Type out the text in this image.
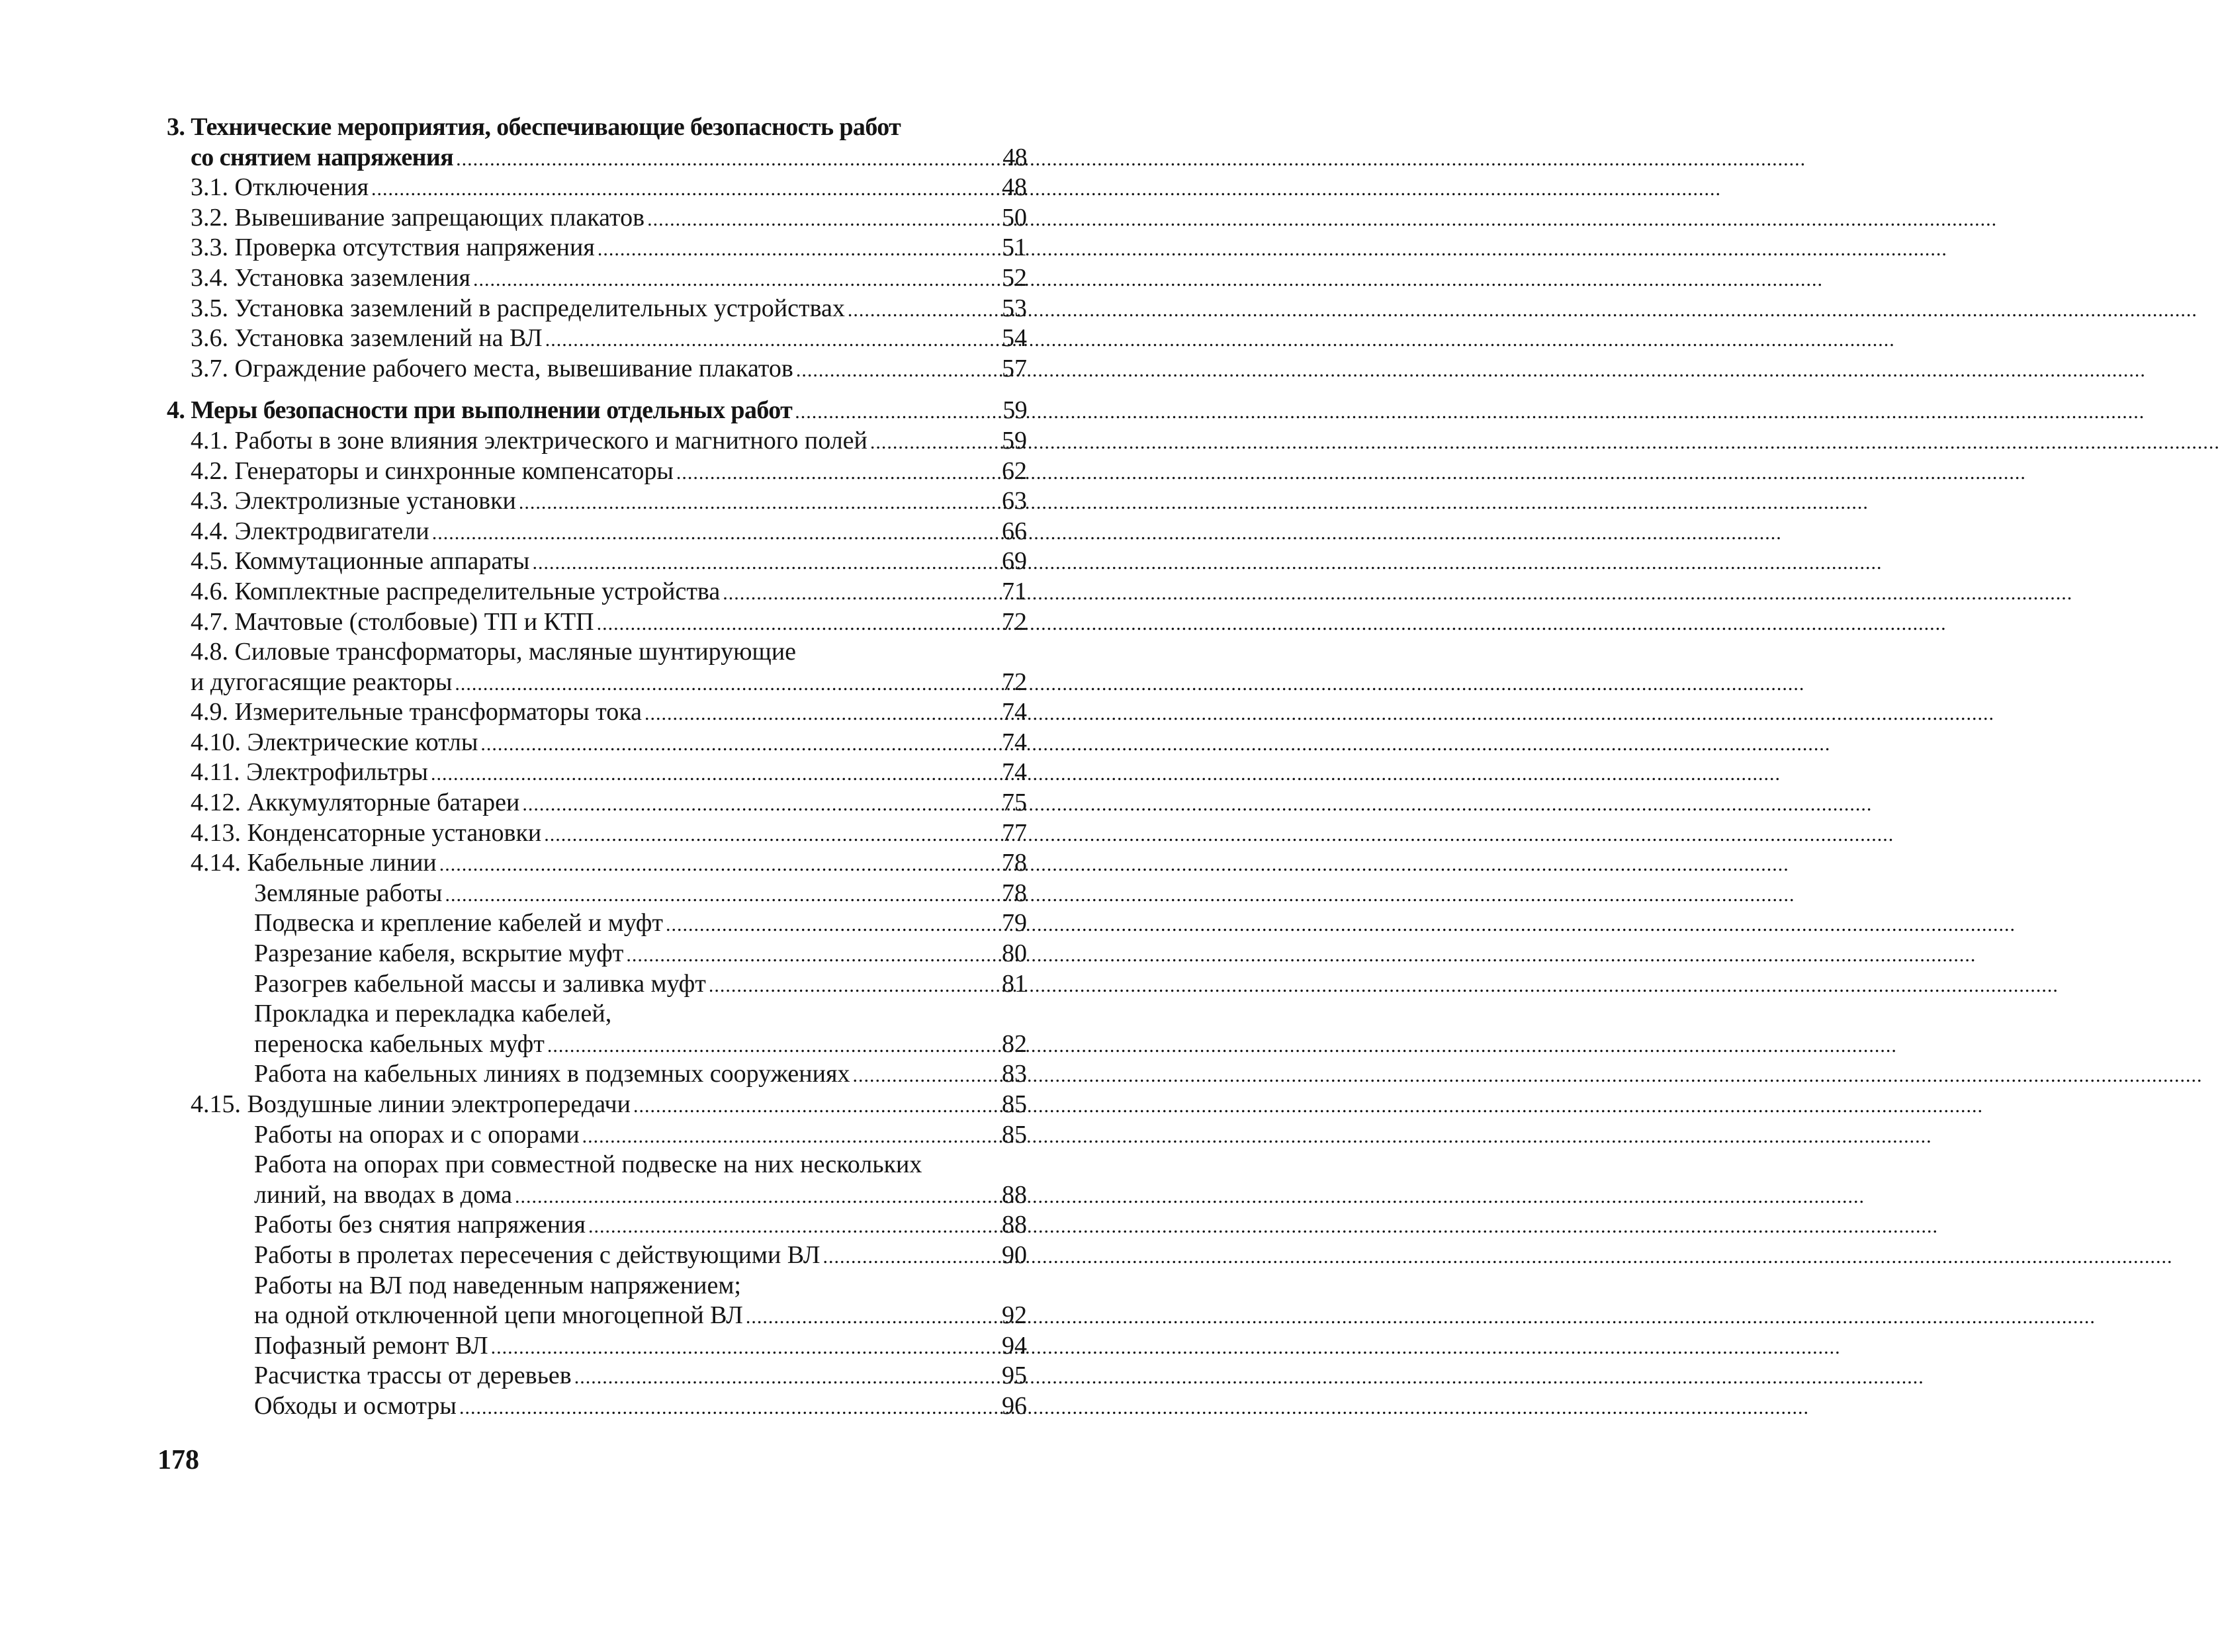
3. Технические мероприятия, обеспечивающие безопасность работ
со снятием напряжения .....	48
3.1. Отключения .....	48
3.2. Вывешивание запрещающих плакатов .....	50
3.3. Проверка отсутствия напряжения .....	51
3.4. Установка заземления .....	52
3.5. Установка заземлений в распределительных устройствах .....	53
3.6. Установка заземлений на ВЛ .....	54
3.7. Ограждение рабочего места, вывешивание плакатов .....	57
4. Меры безопасности при выполнении отдельных работ .....	59
4.1. Работы в зоне влияния электрического и магнитного полей .....	59
4.2. Генераторы и синхронные компенсаторы .....	62
4.3. Электролизные установки .....	63
4.4. Электродвигатели .....	66
4.5. Коммутационные аппараты .....	69
4.6. Комплектные распределительные устройства .....	71
4.7. Мачтовые (столбовые) ТП и КТП .....	72
4.8. Силовые трансформаторы, масляные шунтирующие
и дугогасящие реакторы .....	72
4.9. Измерительные трансформаторы тока .....	74
4.10. Электрические котлы .....	74
4.11. Электрофильтры .....	74
4.12. Аккумуляторные батареи .....	75
4.13. Конденсаторные установки .....	77
4.14. Кабельные линии .....	78
Земляные работы .....	78
Подвеска и крепление кабелей и муфт .....	79
Разрезание кабеля, вскрытие муфт .....	80
Разогрев кабельной массы и заливка муфт .....	81
Прокладка и перекладка кабелей,
переноска кабельных муфт .....	82
Работа на кабельных линиях в подземных сооружениях .....	83
4.15. Воздушные линии электропередачи .....	85
Работы на опорах и с опорами .....	85
Работа на опорах при совместной подвеске на них нескольких
линий, на вводах в дома .....	88
Работы без снятия напряжения .....	88
Работы в пролетах пересечения с действующими ВЛ .....	90
Работы на ВЛ под наведенным напряжением;
на одной отключенной цепи многоцепной ВЛ .....	92
Пофазный ремонт ВЛ .....	94
Расчистка трассы от деревьев .....	95
Обходы и осмотры .....	96
178
